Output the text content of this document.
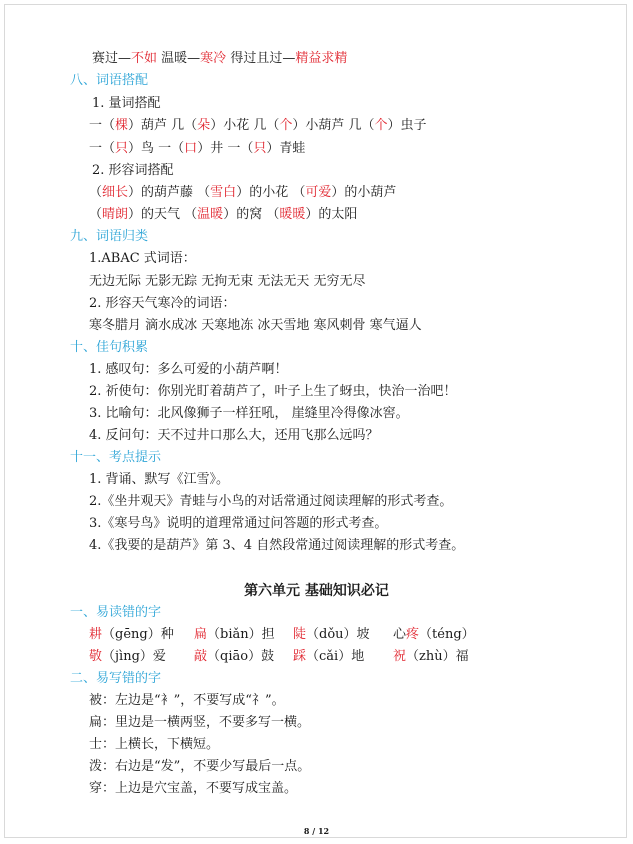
赛过—不如 温暖—寒冷 得过且过—精益求精
八、词语搭配
1. 量词搭配
一（棵）葫芦 几（朵）小花 几（个）小葫芦 几（个）虫子
一（只）鸟 一（口）井 一（只）青蛙
2. 形容词搭配
（细长）的葫芦藤 （雪白）的小花 （可爱）的小葫芦
（晴朗）的天气 （温暖）的窝 （暖暖）的太阳
九、词语归类
1.ABAC 式词语：
无边无际 无影无踪 无拘无束 无法无天 无穷无尽
2. 形容天气寒冷的词语：
寒冬腊月 滴水成冰 天寒地冻 冰天雪地 寒风刺骨 寒气逼人
十、佳句积累
1. 感叹句：多么可爱的小葫芦啊！
2. 祈使句：你别光盯着葫芦了，叶子上生了蚜虫，快治一治吧！
3. 比喻句：北风像狮子一样狂吼， 崖缝里冷得像冰窖。
4. 反问句：天不过井口那么大，还用飞那么远吗？
十一、考点提示
1. 背诵、默写《江雪》。
2.《坐井观天》青蛙与小鸟的对话常通过阅读理解的形式考查。
3.《寒号鸟》说明的道理常通过问答题的形式考查。
4.《我要的是葫芦》第 3、4 自然段常通过阅读理解的形式考查。
第六单元 基础知识必记
一、易读错的字
耕（gēng）种 扁（biǎn）担 陡（dǒu）坡 心疼（téng）
敬（jìng）爱 敲（qiāo）鼓 踩（cǎi）地 祝（zhù）福
二、易写错的字
被：左边是“衤”，不要写成“礻”。
扁：里边是一横两竖，不要多写一横。
士：上横长，下横短。
泼：右边是“发”，不要少写最后一点。
穿：上边是穴宝盖，不要写成宝盖。
8 / 12
